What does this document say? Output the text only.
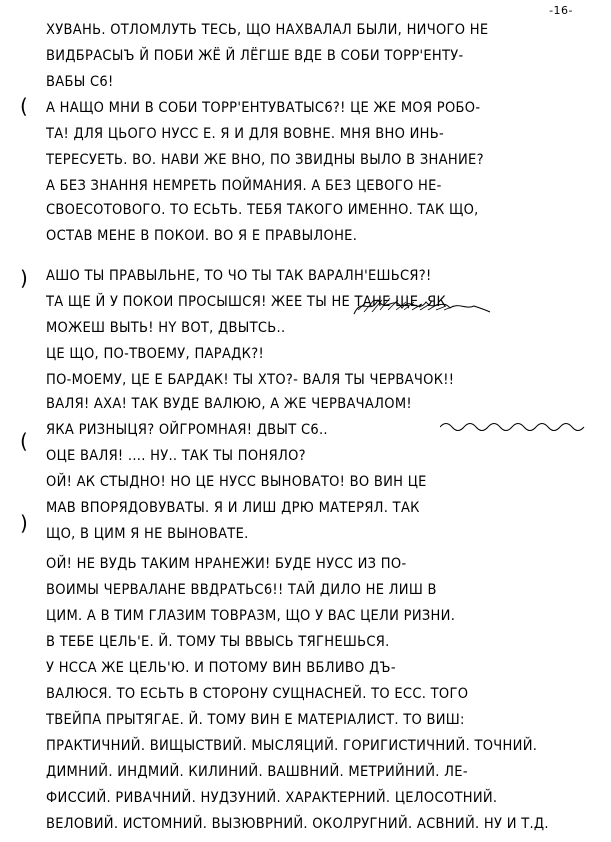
-16-
(
)
(
)
ХУВАНЬ. ОТЛОМЛУТЬ ТЕСЬ, ЩО НАХВАЛАЛ БЫЛИ, НИЧОГО НЕ
ВИДБРАСЫЪ Й ПОБИ ЖЁ Й ЛЁГШЕ ВДЕ В СОБИ ТОРР'ЕНТУ-
ВАБЫ С6!
А НАЩО МНИ В СОБИ ТОРР'ЕНТУВАТЫС6?! ЦЕ ЖЕ МОЯ РОБО-
ТА! ДЛЯ ЦЬОГО НУСС Е. Я И ДЛЯ ВОВНЕ. МНЯ ВНО ИНЬ-
ТЕРЕСУЕТЬ. ВО. НАВИ ЖЕ ВНО, ПО ЗВИДНЫ ВЫЛО В ЗНАНИЕ?
А БЕЗ ЗНАННЯ НЕМРЕТЬ ПОЙМАНИЯ. А БЕЗ ЦЕВОГО НЕ-
СВОЕСОТОВОГО. ТО ЕСЬТЬ. ТЕБЯ ТАКОГО ИМЕННО. ТАК ЩО,
ОСТАВ МЕНЕ В ПОКОИ. ВО Я Е ПРАВЫЛОНЕ.
АШО ТЫ ПРАВЫЛЬНЕ, ТО ЧО ТЫ ТАК ВАРАЛН'ЕШЬСЯ?!
ТА ЩЕ Й У ПОКОИ ПРОСЫШСЯ! ЖЕЕ ТЫ НЕ ТАНЕ ЩЕ, ЯК
МОЖЕШ ВЫТЬ! НY ВОТ, ДВЫТСЬ..
ЦЕ ЩО, ПО-ТВОЕМУ, ПАРАДК?!
ПО-МОЕМУ, ЦЕ Е БАРДАК! ТЫ ХТО?- ВАЛЯ ТЫ ЧЕРВАЧОК!!
ВАЛЯ! АХА! ТАК ВУДЕ ВАЛЮЮ, А ЖЕ ЧЕРВАЧАЛОМ!
ЯКА РИЗНЫЦЯ? ОЙГРОМНАЯ! ДВЫТ С6..
ОЦЕ ВАЛЯ! .... НУ.. ТАК ТЫ ПОНЯЛО?
ОЙ! АК СТЫДНО! НО ЦЕ НУСС ВЫНОВАТО! ВО ВИН ЦЕ
МАВ ВПОРЯДОВУВАТЫ. Я И ЛИШ ДРЮ МАТЕРЯЛ. ТАК
ЩО, В ЦИМ Я НЕ ВЫНОВАТЕ.
ОЙ! НЕ ВУДЬ ТАКИМ НРАНЕЖИ! БУДЕ НУСС ИЗ ПО-
ВОИМЫ ЧЕРВАЛАНЕ ВВДРАТЬС6!! ТАЙ ДИЛО НЕ ЛИШ В
ЦИМ. А В ТИМ ГЛАЗИМ ТОВРАЗМ, ЩО У ВАС ЦЕЛИ РИЗНИ.
В ТЕБЕ ЦЕЛЬ'Е. Й. ТОМУ ТЫ ВВЫСЬ ТЯГНЕШЬСЯ.
У НССА ЖЕ ЦЕЛЬ'Ю. И ПОТОМУ ВИН ВБЛИВО ДЪ-
ВАЛЮСЯ. ТО ЕСЬТЬ В СТОРОНУ СУЩНАСНЕЙ. ТО ЕСС. ТОГО
ТВЕЙПА ПРЫТЯГАЕ. Й. ТОМУ ВИН Е МАТЕРІАЛИСТ. ТО ВИШ:
ПРАКТИЧНИЙ. ВИЩЫСТВИЙ. МЫСЛЯЦИЙ. ГОРИГИСТИЧНИЙ. ТОЧНИЙ.
ДИМНИЙ. ИНДМИЙ. КИЛИНИЙ. ВАШВНИЙ. МЕТРИЙНИЙ. ЛЕ-
ФИССИЙ. РИВАЧНИЙ. НУДЗУНИЙ. ХАРАКТЕРНИЙ. ЦЕЛОСОТНИЙ.
ВЕЛОВИЙ. ИСТОМНИЙ. ВЫЗЮВРНИЙ. ОКОЛРУГНИЙ. АСВНИЙ. НУ И Т.Д.
